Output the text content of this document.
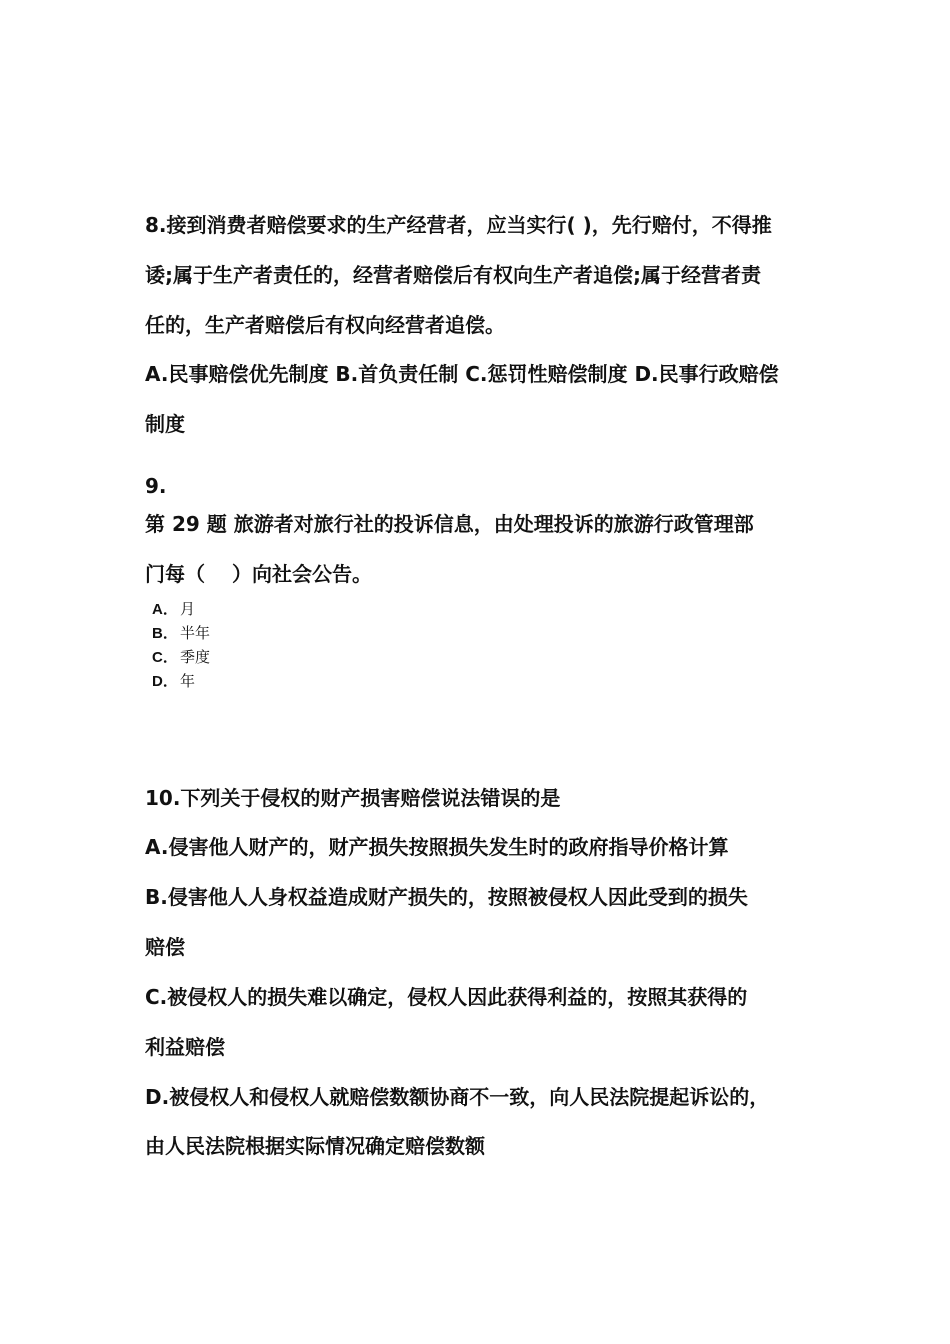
8.接到消费者赔偿要求的生产经营者，应当实行( )，先行赔付，不得推
诿;属于生产者责任的，经营者赔偿后有权向生产者追偿;属于经营者责
任的，生产者赔偿后有权向经营者追偿。
A.民事赔偿优先制度 B.首负责任制 C.惩罚性赔偿制度 D.民事行政赔偿
制度
9.
第 29 题 旅游者对旅行社的投诉信息，由处理投诉的旅游行政管理部
门每（　 ）向社会公告。
A． 月
B． 半年
C． 季度
D． 年
10.下列关于侵权的财产损害赔偿说法错误的是
A.侵害他人财产的，财产损失按照损失发生时的政府指导价格计算
B.侵害他人人身权益造成财产损失的，按照被侵权人因此受到的损失
赔偿
C.被侵权人的损失难以确定，侵权人因此获得利益的，按照其获得的
利益赔偿
D.被侵权人和侵权人就赔偿数额协商不一致，向人民法院提起诉讼的，
由人民法院根据实际情况确定赔偿数额
